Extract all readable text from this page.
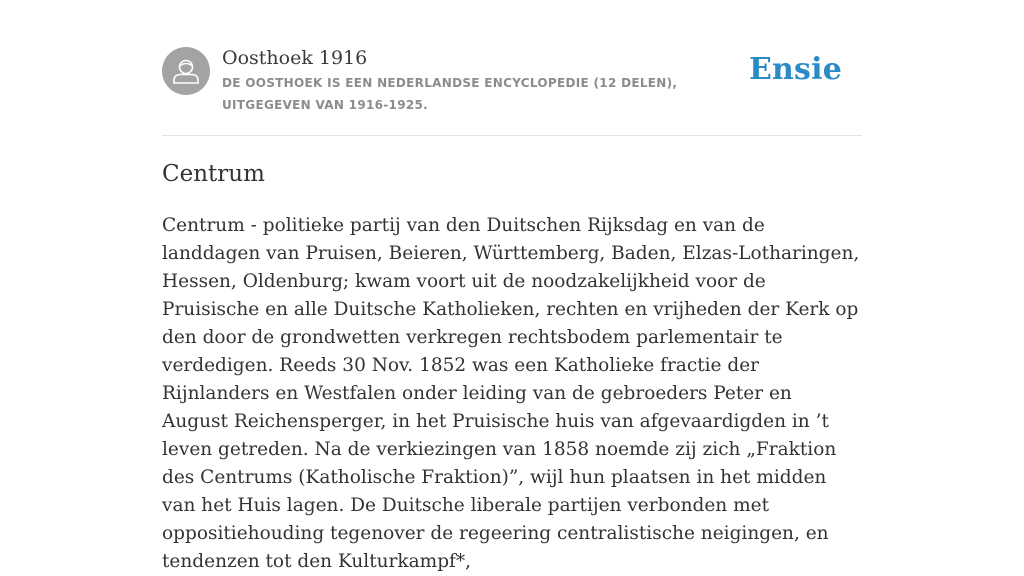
Oosthoek 1916
DE OOSTHOEK IS EEN NEDERLANDSE ENCYCLOPEDIE (12 DELEN), UITGEGEVEN VAN 1916-1925.
Ensie
Centrum

Centrum - politieke partij van den Duitschen Rijksdag en van de landdagen van Pruisen, Beieren, Württemberg, Baden, Elzas-Lotharingen, Hessen, Oldenburg; kwam voort uit de noodzakelijkheid voor de Pruisische en alle Duitsche Katholieken, rechten en vrijheden der Kerk op den door de grondwetten verkregen rechtsbodem parlementair te verdedigen. Reeds 30 Nov. 1852 was een Katholieke fractie der Rijnlanders en Westfalen onder leiding van de gebroeders Peter en August Reichensperger, in het Pruisische huis van afgevaardigden in ’t leven getreden. Na de verkiezingen van 1858 noemde zij zich „Fraktion des Centrums (Katholische Fraktion)”, wijl hun plaatsen in het midden van het Huis lagen. De Duitsche liberale partijen verbonden met oppositiehouding tegenover de regeering centralistische neigingen, en tendenzen tot den Kulturkampf*,
